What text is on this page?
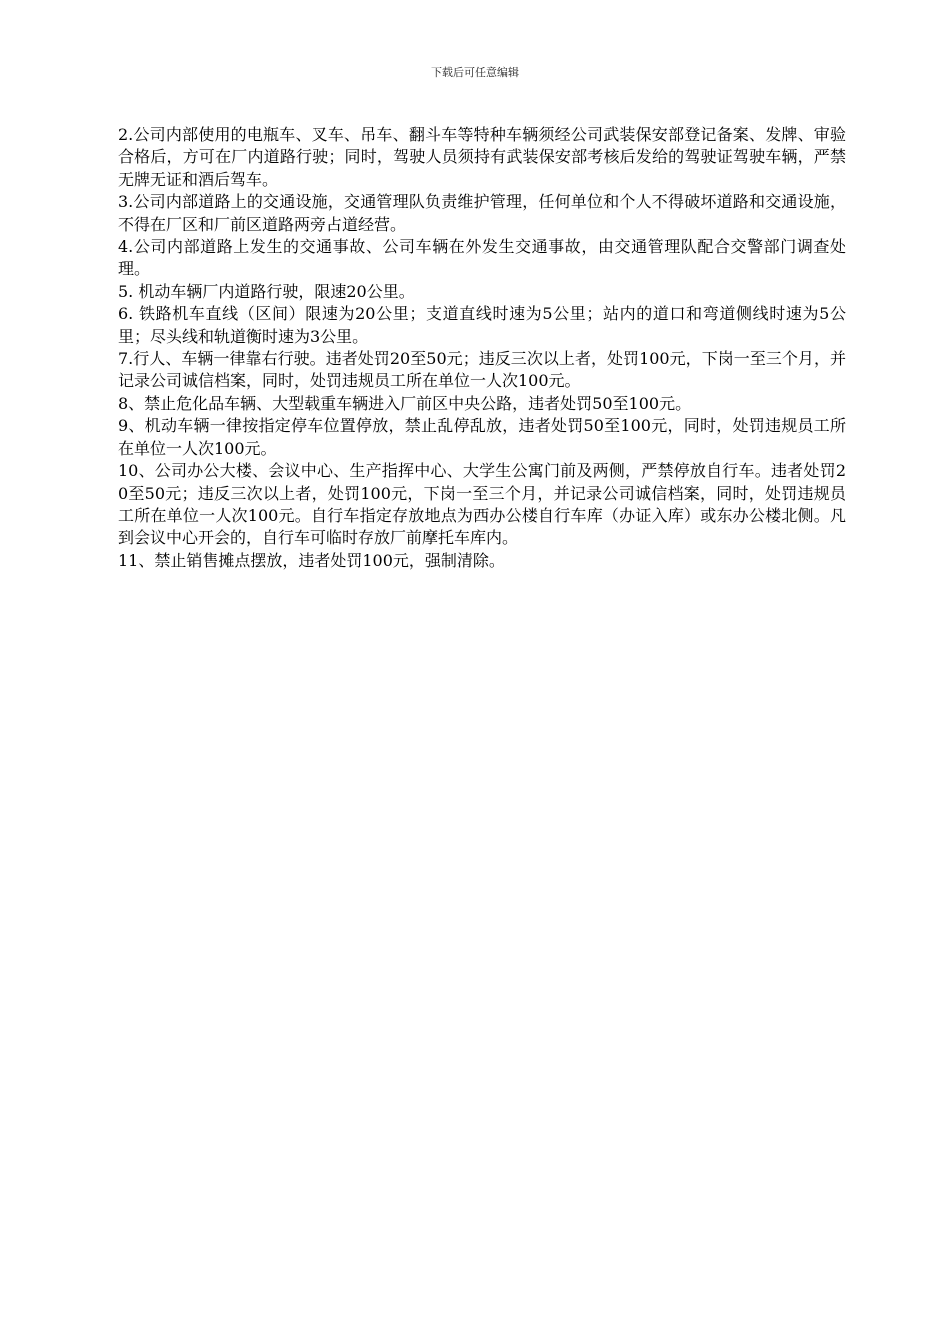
下载后可任意编辑

2.公司内部使用的电瓶车、叉车、吊车、翻斗车等特种车辆须经公司武装保安部登记备案、发牌、审验合格后，方可在厂内道路行驶；同时，驾驶人员须持有武装保安部考核后发给的驾驶证驾驶车辆，严禁无牌无证和酒后驾车。

3.公司内部道路上的交通设施，交通管理队负责维护管理，任何单位和个人不得破坏道路和交通设施，不得在厂区和厂前区道路两旁占道经营。

4.公司内部道路上发生的交通事故、公司车辆在外发生交通事故，由交通管理队配合交警部门调查处理。

5. 机动车辆厂内道路行驶，限速20公里。

6. 铁路机车直线（区间）限速为20公里；支道直线时速为5公里；站内的道口和弯道侧线时速为5公里；尽头线和轨道衡时速为3公里。

7.行人、车辆一律靠右行驶。违者处罚20至50元；违反三次以上者，处罚100元，下岗一至三个月，并记录公司诚信档案，同时，处罚违规员工所在单位一人次100元。

8、禁止危化品车辆、大型载重车辆进入厂前区中央公路，违者处罚50至100元。

9、机动车辆一律按指定停车位置停放，禁止乱停乱放，违者处罚50至100元，同时，处罚违规员工所在单位一人次100元。

10、公司办公大楼、会议中心、生产指挥中心、大学生公寓门前及两侧，严禁停放自行车。违者处罚20至50元；违反三次以上者，处罚100元，下岗一至三个月，并记录公司诚信档案，同时，处罚违规员工所在单位一人次100元。自行车指定存放地点为西办公楼自行车库（办证入库）或东办公楼北侧。凡到会议中心开会的，自行车可临时存放厂前摩托车库内。

11、禁止销售摊点摆放，违者处罚100元，强制清除。
